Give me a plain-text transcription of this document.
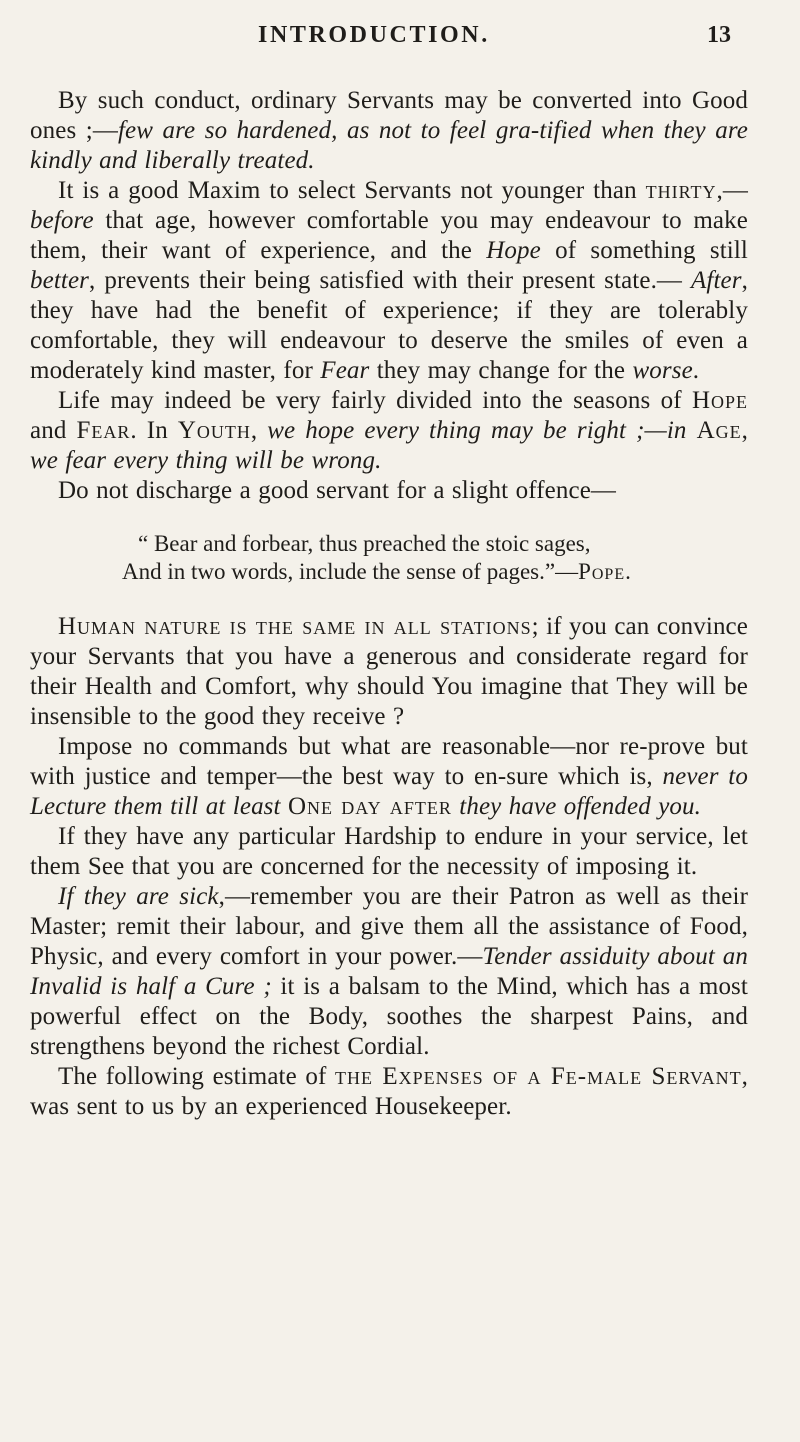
INTRODUCTION.	13

By such conduct, ordinary Servants may be converted into Good ones ;—few are so hardened, as not to feel gra-tified when they are kindly and liberally treated.

It is a good Maxim to select Servants not younger than thirty,—before that age, however comfortable you may endeavour to make them, their want of experience, and the Hope of something still better, prevents their being satisfied with their present state.— After, they have had the benefit of experience; if they are tolerably comfortable, they will endeavour to deserve the smiles of even a moderately kind master, for Fear they may change for the worse.

Life may indeed be very fairly divided into the seasons of Hope and Fear. In Youth, we hope every thing may be right ;—in Age, we fear every thing will be wrong.

Do not discharge a good servant for a slight offence—

“ Bear and forbear, thus preached the stoic sages,
And in two words, include the sense of pages.”—Pope.

Human nature is the same in all stations; if you can convince your Servants that you have a generous and considerate regard for their Health and Comfort, why should You imagine that They will be insensible to the good they receive ?

Impose no commands but what are reasonable—nor re-prove but with justice and temper—the best way to en-sure which is, never to Lecture them till at least One day after they have offended you.

If they have any particular Hardship to endure in your service, let them See that you are concerned for the necessity of imposing it.

If they are sick,—remember you are their Patron as well as their Master; remit their labour, and give them all the assistance of Food, Physic, and every comfort in your power.—Tender assiduity about an Invalid is half a Cure ; it is a balsam to the Mind, which has a most powerful effect on the Body, soothes the sharpest Pains, and strengthens beyond the richest Cordial.

The following estimate of the Expenses of a Fe-male Servant, was sent to us by an experienced Housekeeper.
